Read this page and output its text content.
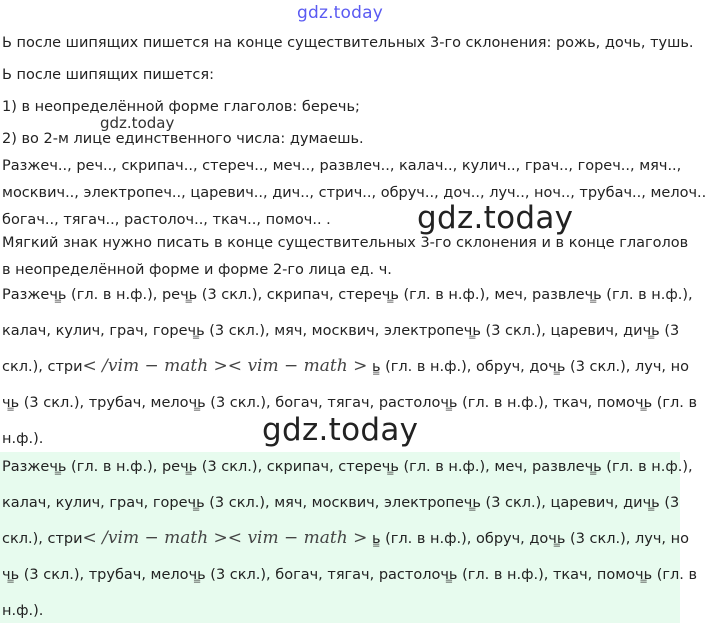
gdz.today
Ь после шипящих пишется на конце существительных 3-го склонения: рожь, дочь, тушь.
Ь после шипящих пишется:
1) в неопределённой форме глаголов: беречь;
gdz.today
2) во 2-м лице единственного числа: думаешь.
Разжеч.., реч.., скрипач.., стереч.., меч.., развлеч.., калач.., кулич.., грач.., гореч.., мяч..,
москвич.., электропеч.., царевич.., дич.., стрич.., обруч.., доч.., луч.., ноч.., трубач.., мелоч..
богач.., тягач.., растолоч.., ткач.., помоч.. .	gdz.today
Мягкий знак нужно писать в конце существительных 3-го склонения и в конце глаголов
в неопределённой форме и форме 2-го лица ед. ч.
Разжечь = (гл. в н.ф.), речь = (3 скл.), скрипач, стеречь = (гл. в н.ф.), меч, развлечь = (гл. в н.ф.),
калач, кулич, грач, горечь = (3 скл.), мяч, москвич, электропечь = (3 скл.), царевич, дичь = (3
скл.), стри< /vim − math >< vim − math > ь = (гл. в н.ф.), обруч, дочь = (3 скл.), луч, но
чь = (3 скл.), трубач, мелочь = (3 скл.), богач, тягач, растолочь = (гл. в н.ф.), ткач, помочь = (гл. в
н.ф.).	gdz.today
Разжечь = (гл. в н.ф.), речь = (3 скл.), скрипач, стеречь = (гл. в н.ф.), меч, развлечь = (гл. в н.ф.),
калач, кулич, грач, горечь = (3 скл.), мяч, москвич, электропечь = (3 скл.), царевич, дичь = (3
скл.), стри< /vim − math >< vim − math > ь = (гл. в н.ф.), обруч, дочь = (3 скл.), луч, но
чь = (3 скл.), трубач, мелочь = (3 скл.), богач, тягач, растолочь = (гл. в н.ф.), ткач, помочь = (гл. в
н.ф.).
